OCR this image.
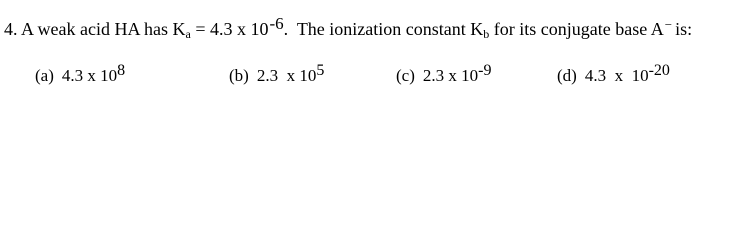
4. A weak acid HA has $K_a = 4.3$ x 10-6.  The ionization constant $K_b$ for its conjugate base A− is:
(a) 4.3 x 108	(b) 2.3  x 105	(c) 2.3 x 10-9	(d) 4.3  x  10-20
